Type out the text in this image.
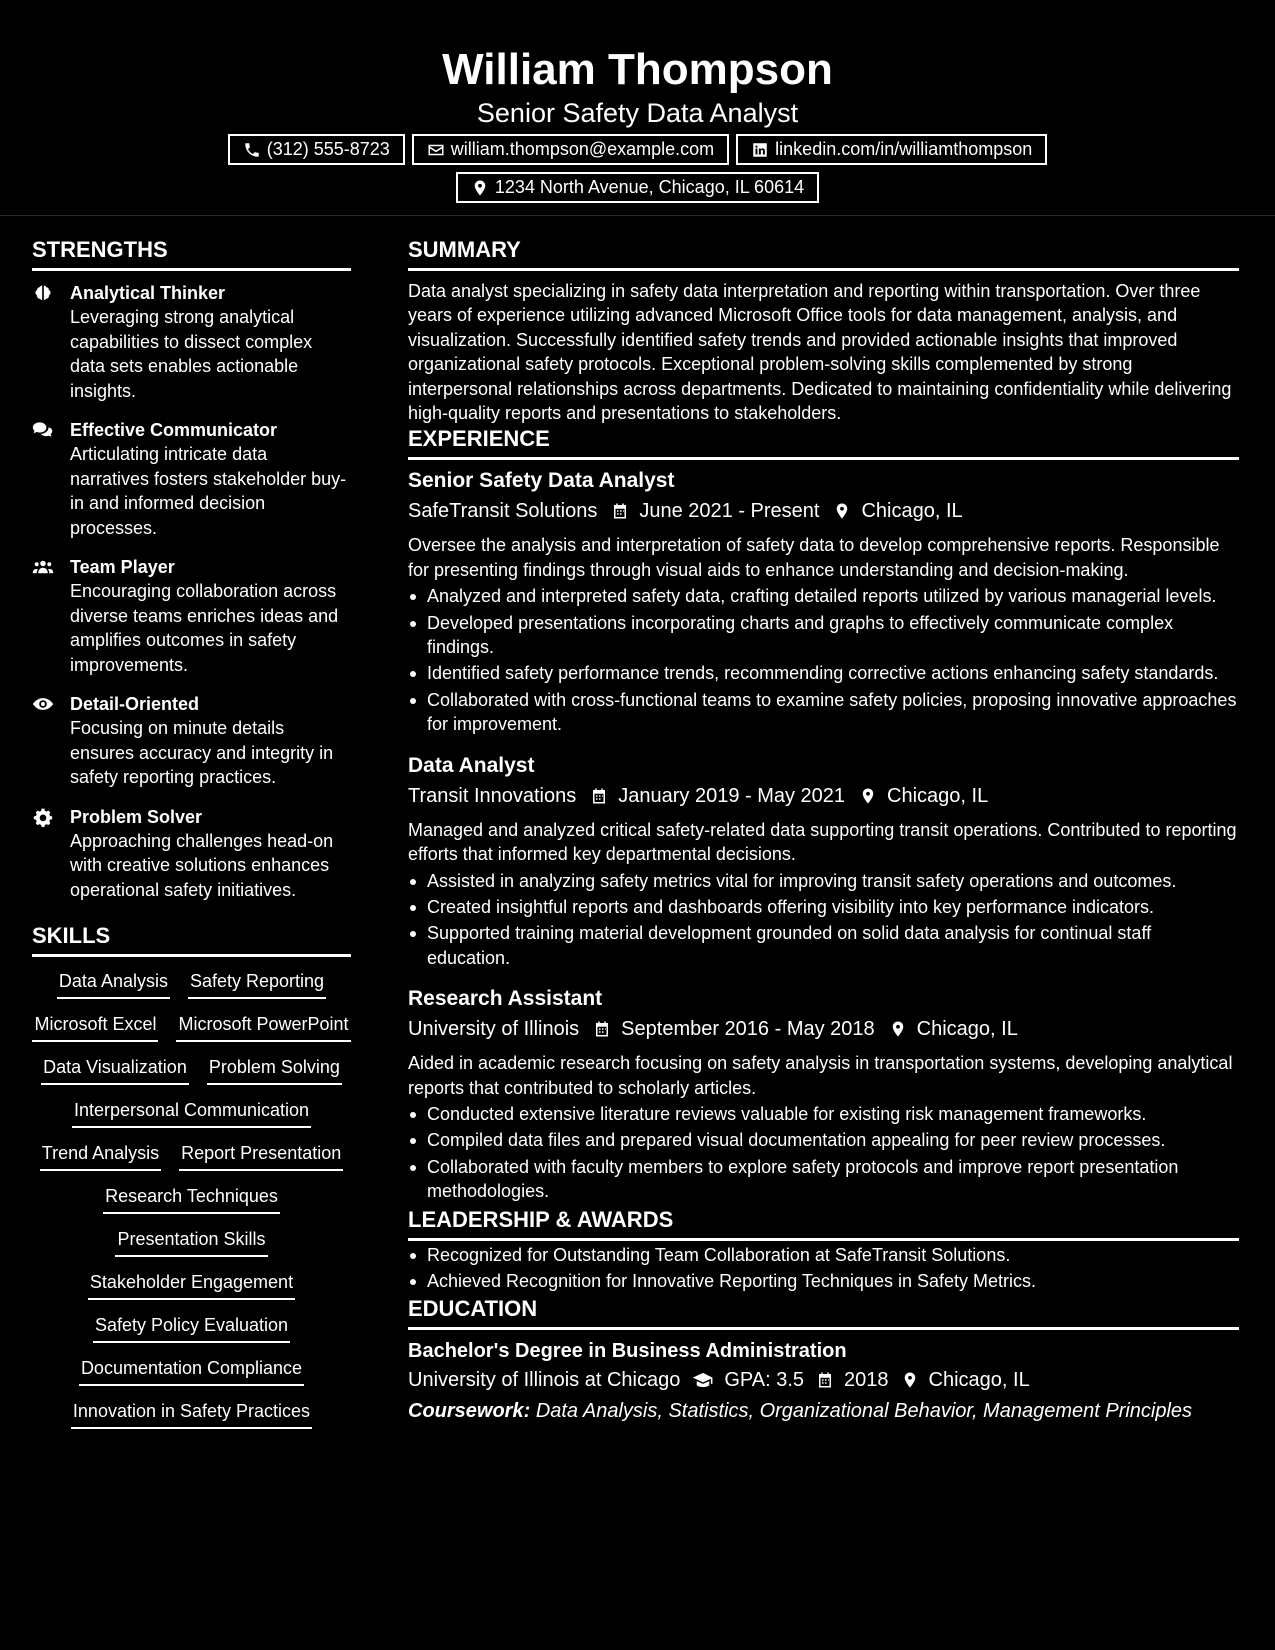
William Thompson
Senior Safety Data Analyst
(312) 555-8723	william.thompson@example.com	linkedin.com/in/williamthompson
1234 North Avenue, Chicago, IL 60614
STRENGTHS
Analytical Thinker
Leveraging strong analytical capabilities to dissect complex data sets enables actionable insights.
Effective Communicator
Articulating intricate data narratives fosters stakeholder buy-in and informed decision processes.
Team Player
Encouraging collaboration across diverse teams enriches ideas and amplifies outcomes in safety improvements.
Detail-Oriented
Focusing on minute details ensures accuracy and integrity in safety reporting practices.
Problem Solver
Approaching challenges head-on with creative solutions enhances operational safety initiatives.
SKILLS
Data Analysis Safety Reporting
Microsoft Excel Microsoft PowerPoint
Data Visualization Problem Solving
Interpersonal Communication
Trend Analysis Report Presentation
Research Techniques
Presentation Skills
Stakeholder Engagement
Safety Policy Evaluation
Documentation Compliance
Innovation in Safety Practices
SUMMARY
Data analyst specializing in safety data interpretation and reporting within transportation. Over three years of experience utilizing advanced Microsoft Office tools for data management, analysis, and visualization. Successfully identified safety trends and provided actionable insights that improved organizational safety protocols. Exceptional problem-solving skills complemented by strong interpersonal relationships across departments. Dedicated to maintaining confidentiality while delivering high-quality reports and presentations to stakeholders.
EXPERIENCE
Senior Safety Data Analyst
SafeTransit Solutions June 2021 - Present Chicago, IL
Oversee the analysis and interpretation of safety data to develop comprehensive reports. Responsible for presenting findings through visual aids to enhance understanding and decision-making.
Analyzed and interpreted safety data, crafting detailed reports utilized by various managerial levels.
Developed presentations incorporating charts and graphs to effectively communicate complex findings.
Identified safety performance trends, recommending corrective actions enhancing safety standards.
Collaborated with cross-functional teams to examine safety policies, proposing innovative approaches for improvement.
Data Analyst
Transit Innovations January 2019 - May 2021 Chicago, IL
Managed and analyzed critical safety-related data supporting transit operations. Contributed to reporting efforts that informed key departmental decisions.
Assisted in analyzing safety metrics vital for improving transit safety operations and outcomes.
Created insightful reports and dashboards offering visibility into key performance indicators.
Supported training material development grounded on solid data analysis for continual staff education.
Research Assistant
University of Illinois September 2016 - May 2018 Chicago, IL
Aided in academic research focusing on safety analysis in transportation systems, developing analytical reports that contributed to scholarly articles.
Conducted extensive literature reviews valuable for existing risk management frameworks.
Compiled data files and prepared visual documentation appealing for peer review processes.
Collaborated with faculty members to explore safety protocols and improve report presentation methodologies.
LEADERSHIP & AWARDS
Recognized for Outstanding Team Collaboration at SafeTransit Solutions.
Achieved Recognition for Innovative Reporting Techniques in Safety Metrics.
EDUCATION
Bachelor's Degree in Business Administration
University of Illinois at Chicago GPA: 3.5 2018 Chicago, IL
Coursework: Data Analysis, Statistics, Organizational Behavior, Management Principles
